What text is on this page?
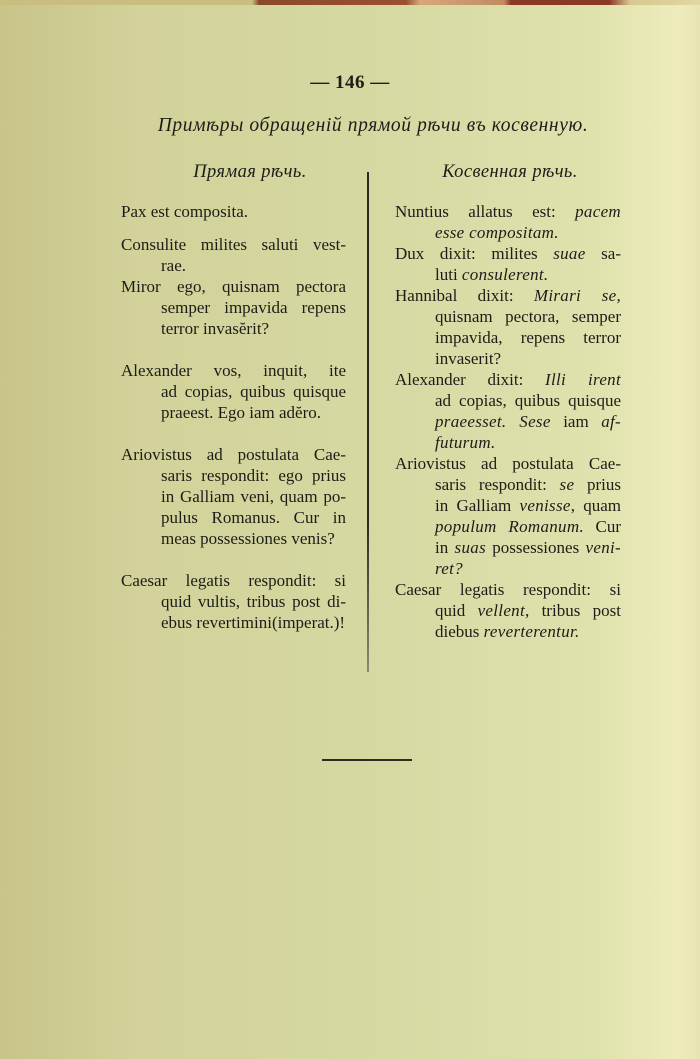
— 146 —
Примѣры обращеній прямой рѣчи въ косвенную.
Прямая рѣчь.	Косвенная рѣчь.
Pax est composita.
Consulite milites saluti vest-
rae.
Miror ego, quisnam pectora
semper impavida repens
terror invasĕrit?
Alexander vos, inquit, ite
ad copias, quibus quisque
praeest. Ego iam adĕro.
Ariovistus ad postulata Cae-
saris respondit: ego prius
in Galliam veni, quam po-
pulus Romanus. Cur in
meas possessiones venis?
Caesar legatis respondit: si
quid vultis, tribus post di-
ebus revertimini(imperat.)!
Nuntius allatus est: pacem
esse compositam.
Dux dixit: milites suae sa-
luti consulerent.
Hannibal dixit: Mirari se,
quisnam pectora, semper
impavida, repens terror
invaserit?
Alexander dixit: Illi irent
ad copias, quibus quisque
praeesset. Sese iam af-
futurum.
Ariovistus ad postulata Cae-
saris respondit: se prius
in Galliam venisse, quam
populum Romanum. Cur
in suas possessiones veni-
ret?
Caesar legatis respondit: si
quid vellent, tribus post
diebus reverterentur.
